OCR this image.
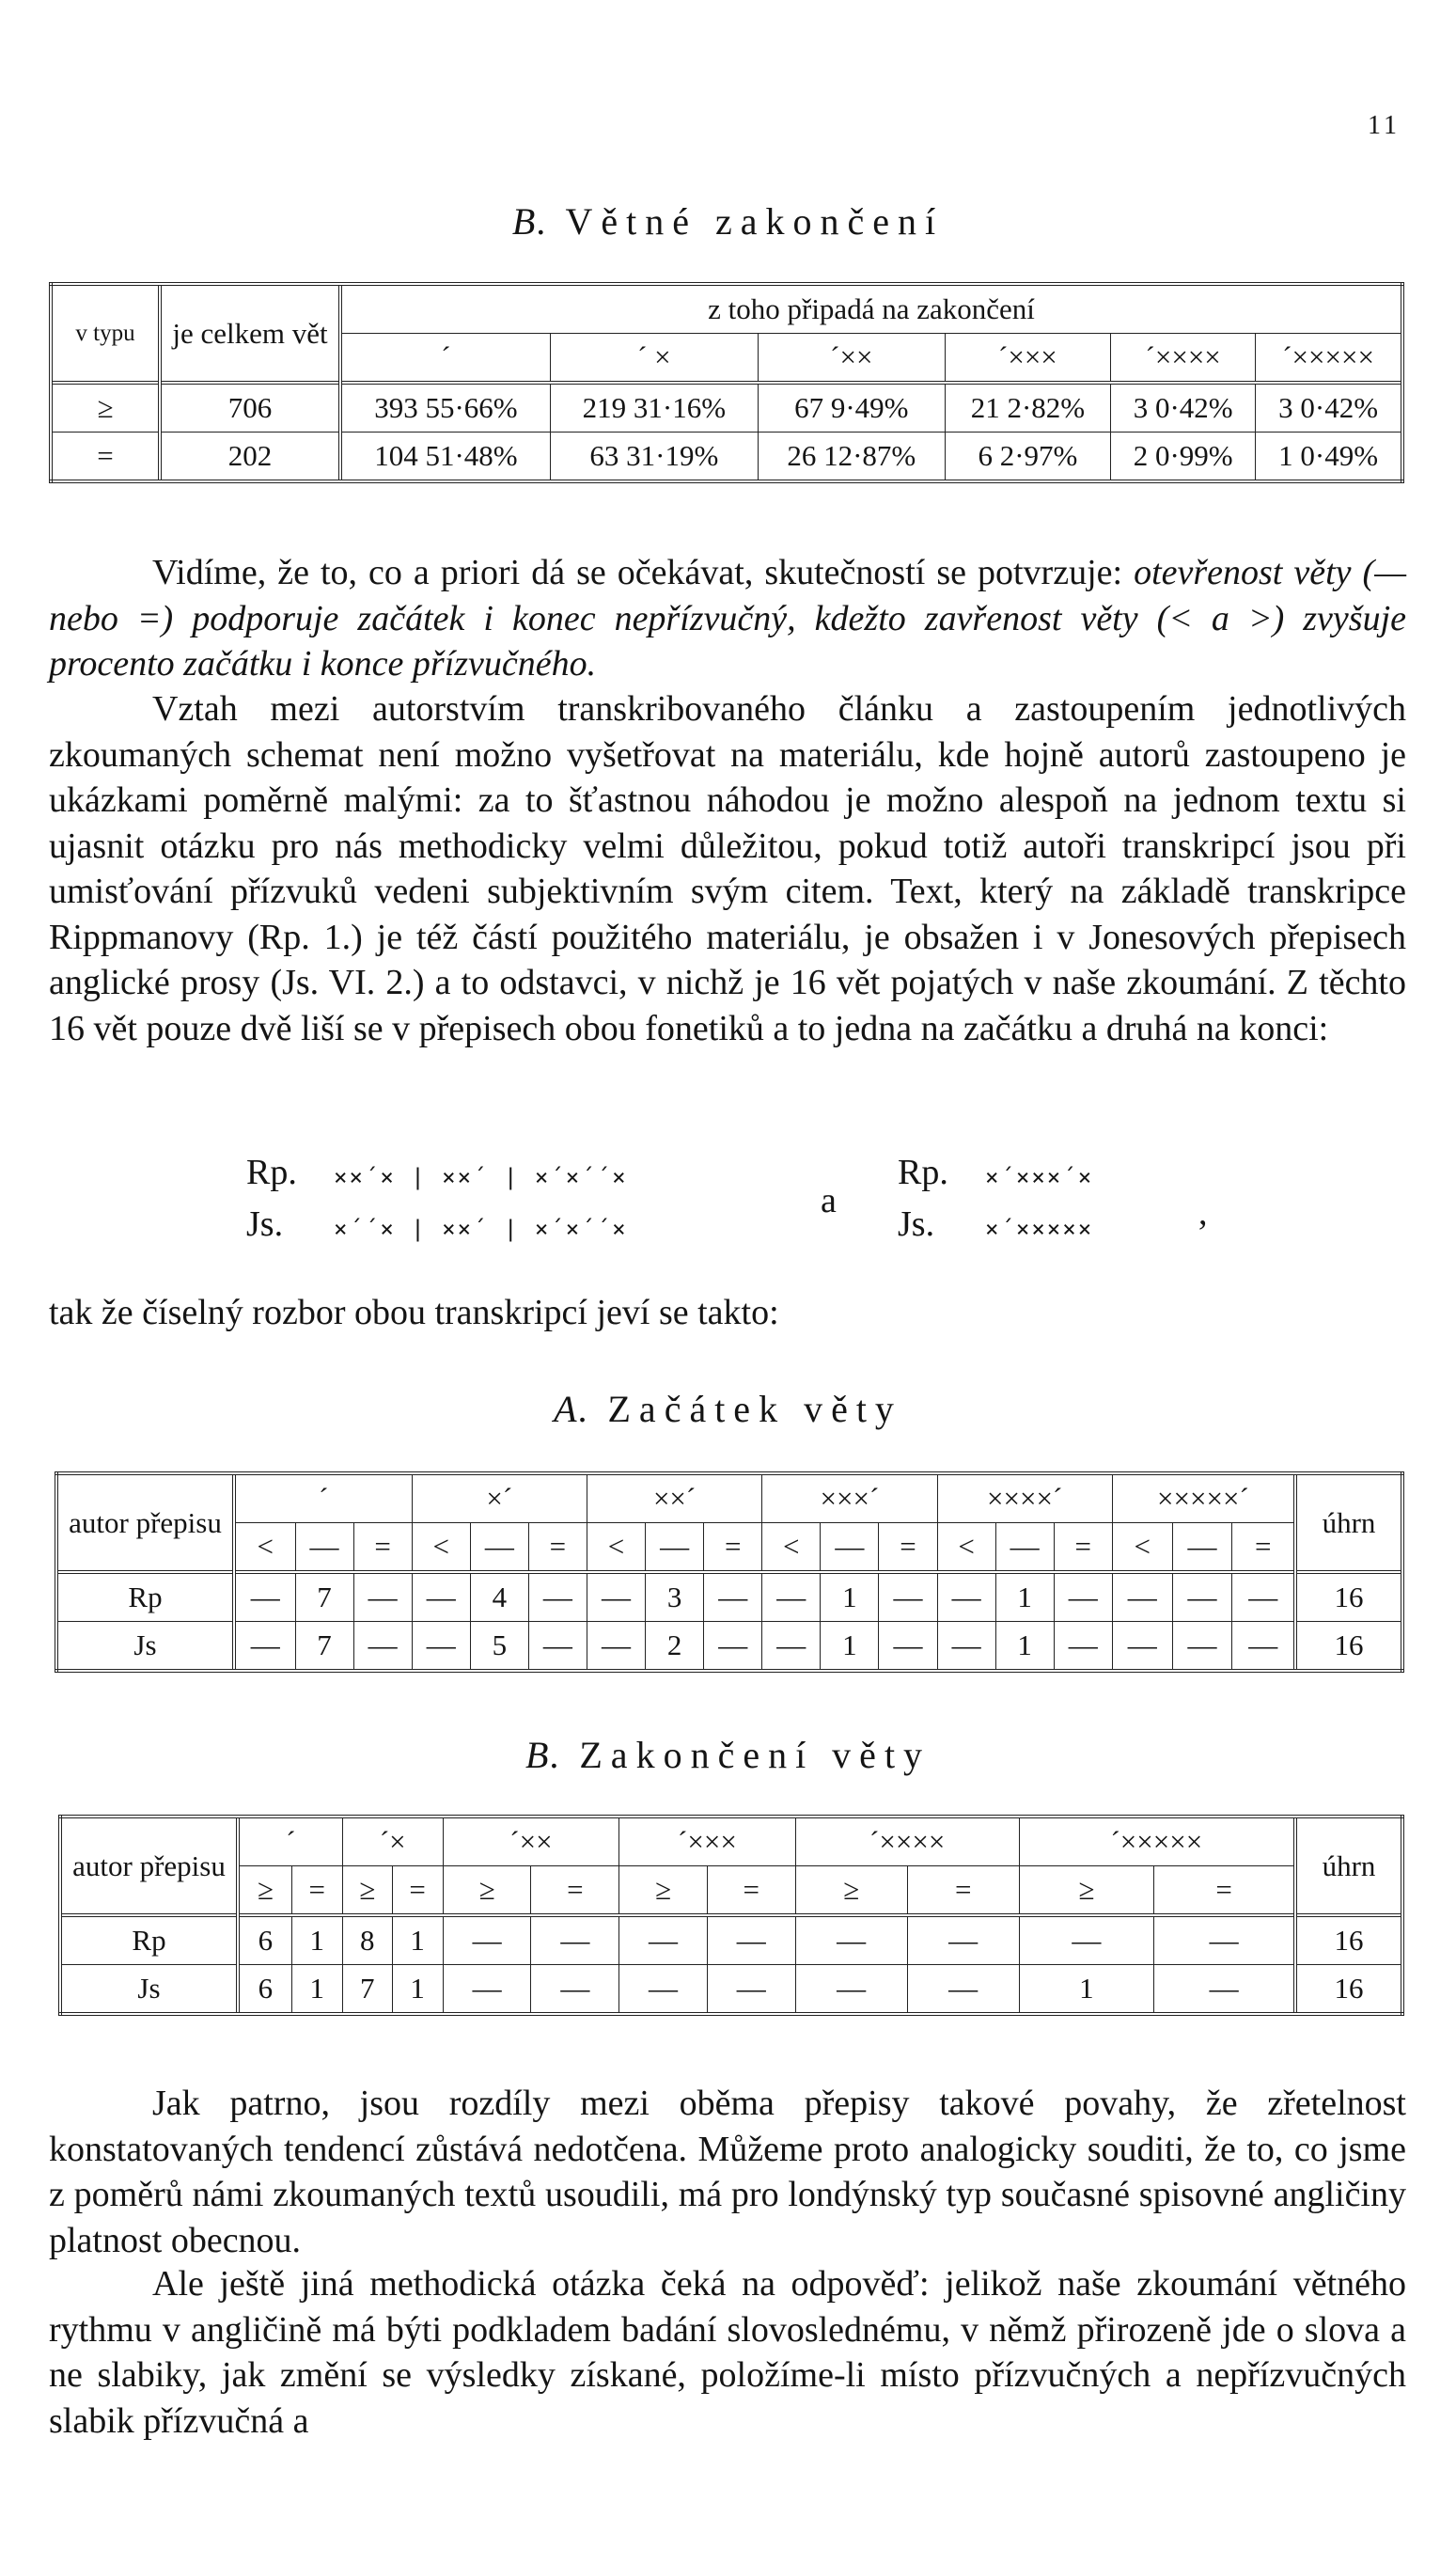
11
B. Větné zakončení
v typu	je celkem vět	z toho připadá na zakončení					
		´	´ ×	´××	´×××	´××××	´×××××
≥	706	393 55·66%	219 31·16%	67 9·49%	21 2·82%	3 0·42%	3 0·42%
=	202	104 51·48%	63 31·19%	26 12·87%	6 2·97%	2 0·99%	1 0·49%

Vidíme, že to, co a priori dá se očekávat, skutečností se potvrzuje: otevřenost věty (— nebo =) podporuje začátek i konec nepřízvučný, kdežto zavřenost věty (< a >) zvyšuje procento začátku i konce přízvučného.

Vztah mezi autorstvím transkribovaného článku a zastoupením jednotlivých zkoumaných schemat není možno vyšetřovat na materiálu, kde hojně autorů zastoupeno je ukázkami poměrně malými: za to šťastnou náhodou je možno alespoň na jednom textu si ujasnit otázku pro nás methodicky velmi důležitou, pokud totiž autoři transkripcí jsou při umisťování přízvuků vedeni subjektivním svým citem. Text, který na základě transkripce Rippmanovy (Rp. 1.) je též částí použitého materiálu, je obsažen i v Jonesových přepisech anglické prosy (Js. VI. 2.) a to odstavci, v nichž je 16 vět pojatých v naše zkoumání. Z těchto 16 vět pouze dvě liší se v přepisech obou fonetiků a to jedna na začátku a druhá na konci:

Rp.
Js.
××´× | ××´ | ×´×´´×
×´´× | ××´ | ×´×´´×
a
Rp.
Js.
×´×××´×
×´×××××	,

tak že číselný rozbor obou transkripcí jeví se takto:

A. Začátek věty
autor přepisu	´			×´			××´			×××´			××××´			×××××´			úhrn
	<	—	=	<	—	=	<	—	=	<	—	=	<	—	=	<	—	=	
Rp	—	7	—	—	4	—	—	3	—	—	1	—	—	1	—	—	—	—	16
Js	—	7	—	—	5	—	—	2	—	—	1	—	—	1	—	—	—	—	16
B. Zakončení věty
autor přepisu	´		´×		´××		´×××		´××××		´×××××		úhrn
	≥	=	≥	=	≥	=	≥	=	≥	=	≥	=	
Rp	6	1	8	1	—	—	—	—	—	—	—	—	16
Js	6	1	7	1	—	—	—	—	—	—	1	—	16

Jak patrno, jsou rozdíly mezi oběma přepisy takové povahy, že zřetelnost konstatovaných tendencí zůstává nedotčena. Můžeme proto analogicky souditi, že to, co jsme z poměrů námi zkoumaných textů usoudili, má pro londýnský typ současné spisovné angličiny platnost obecnou.

Ale ještě jiná methodická otázka čeká na odpověď: jelikož naše zkoumání větného rythmu v angličině má býti podkladem badání slovoslednému, v němž přirozeně jde o slova a ne slabiky, jak změní se výsledky získané, položíme-li místo přízvučných a nepřízvučných slabik přízvučná a
